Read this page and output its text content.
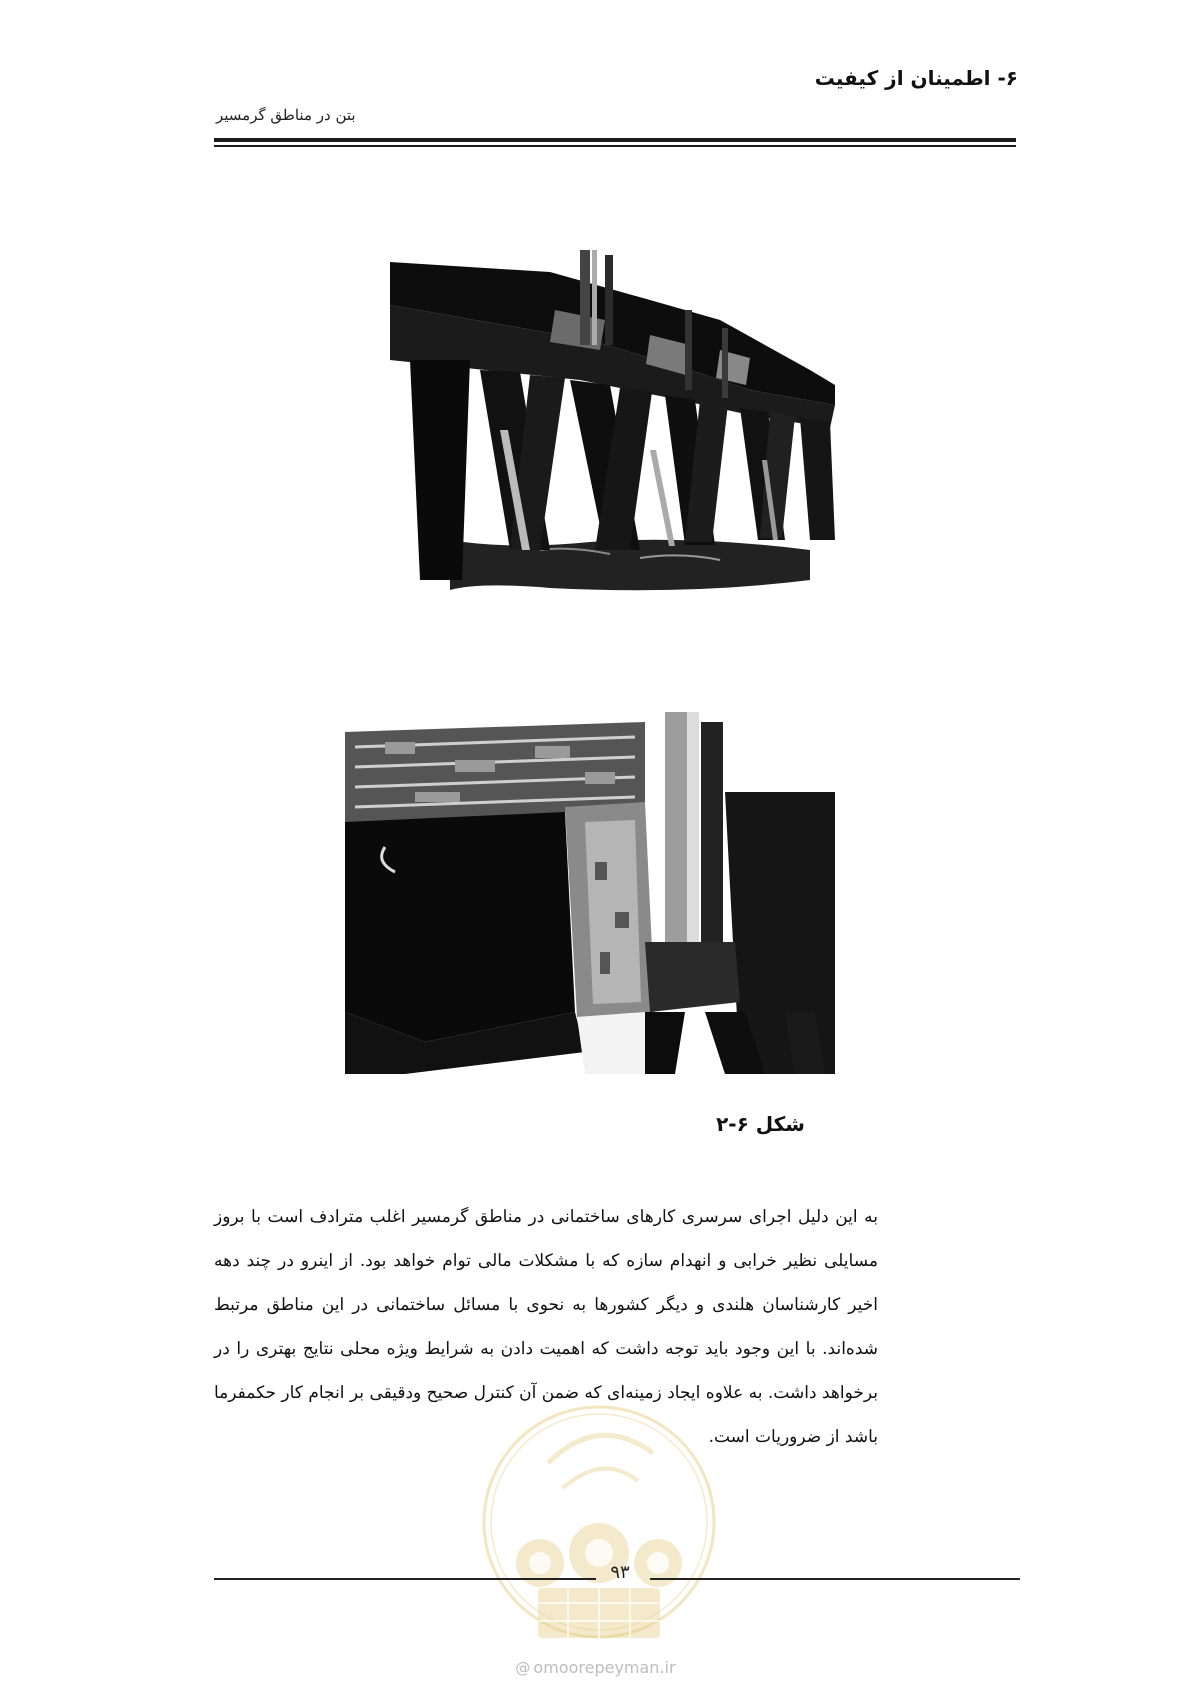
۶- اطمینان از کیفیت
بتن در مناطق گرمسیر
شکل ۶-۲
به این دلیل اجرای سرسری کارهای ساختمانی در مناطق گرمسیر اغلب مترادف است با بروز مسایلی نظیر خرابی و انهدام سازه که با مشکلات مالی توام خواهد بود. از اینرو در چند دهه اخیر کارشناسان هلندی و دیگر کشورها به نحوی با مسائل ساختمانی در این مناطق مرتبط شده‌اند. با این وجود باید توجه داشت که اهمیت دادن به شرایط ویژه محلی نتایج بهتری را در برخواهد داشت. به علاوه ایجاد زمینه‌ای که ضمن آن کنترل صحیح ودقیقی بر انجام کار حکمفرما باشد از ضروریات است.
۹۳
@ omoorepeyman.ir
